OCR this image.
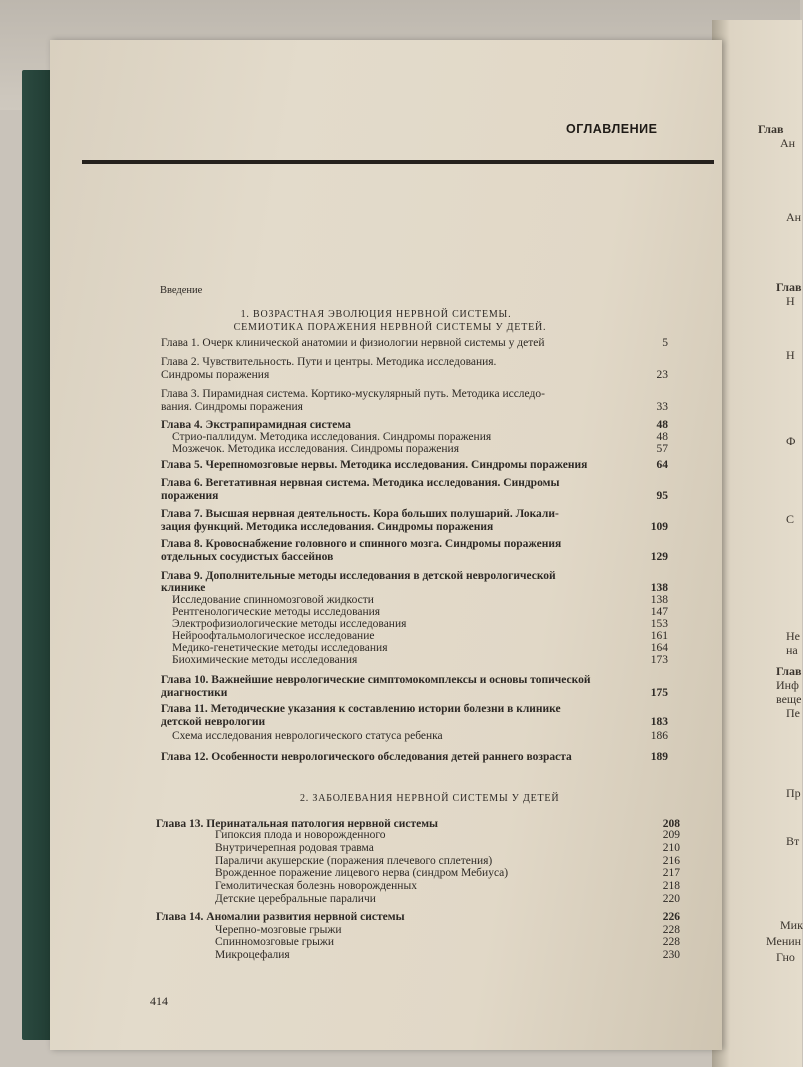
ОГЛАВЛЕНИЕ
Введение
1. ВОЗРАСТНАЯ ЭВОЛЮЦИЯ НЕРВНОЙ СИСТЕМЫ.
СЕМИОТИКА ПОРАЖЕНИЯ НЕРВНОЙ СИСТЕМЫ У ДЕТЕЙ.
2. ЗАБОЛЕВАНИЯ НЕРВНОЙ СИСТЕМЫ У ДЕТЕЙ
Глава 1. Очерк клинической анатомии и физиологии нервной системы у детей	5
Глава 2. Чувствительность. Пути и центры. Методика исследования.
Синдромы поражения	23
Глава 3. Пирамидная система. Кортико-мускулярный путь. Методика исследо-
вания. Синдромы поражения	33
Глава 4. Экстрапирамидная система	48
Стрио-паллидум. Методика исследования. Синдромы поражения	48
Мозжечок. Методика исследования. Синдромы поражения	57
Глава 5. Черепномозговые нервы. Методика исследования. Синдромы поражения	64
Глава 6. Вегетативная нервная система. Методика исследования. Синдромы
поражения	95
Глава 7. Высшая нервная деятельность. Кора больших полушарий. Локали-
зация функций. Методика исследования. Синдромы поражения	109
Глава 8. Кровоснабжение головного и спинного мозга. Синдромы поражения
отдельных сосудистых бассейнов	129
Глава 9. Дополнительные методы исследования в детской неврологической
клинике	138
Исследование спинномозговой жидкости	138
Рентгенологические методы исследования	147
Электрофизиологические методы исследования	153
Нейроофтальмологическое исследование	161
Медико-генетические методы исследования	164
Биохимические методы исследования	173
Глава 10. Важнейшие неврологические симптомокомплексы и основы топической
диагностики	175
Глава 11. Методические указания к составлению истории болезни в клинике
детской неврологии	183
Схема исследования неврологического статуса ребенка	186
Глава 12. Особенности неврологического обследования детей раннего возраста	189
Глава 13. Перинатальная патология нервной системы	208
Гипоксия плода и новорожденного	209
Внутричерепная родовая травма	210
Параличи акушерские (поражения плечевого сплетения)	216
Врожденное поражение лицевого нерва (синдром Мебиуса)	217
Гемолитическая болезнь новорожденных	218
Детские церебральные параличи	220
Глава 14. Аномалии развития нервной системы	226
Черепно-мозговые грыжи	228
Спинномозговые грыжи	228
Микроцефалия	230
414
Глав
Ан
Ан
Глав
Н
Н
Ф
С
Не
на
Глав
Инф
веще
Пе
Пр
Вт
Мик
Менин
Гно
